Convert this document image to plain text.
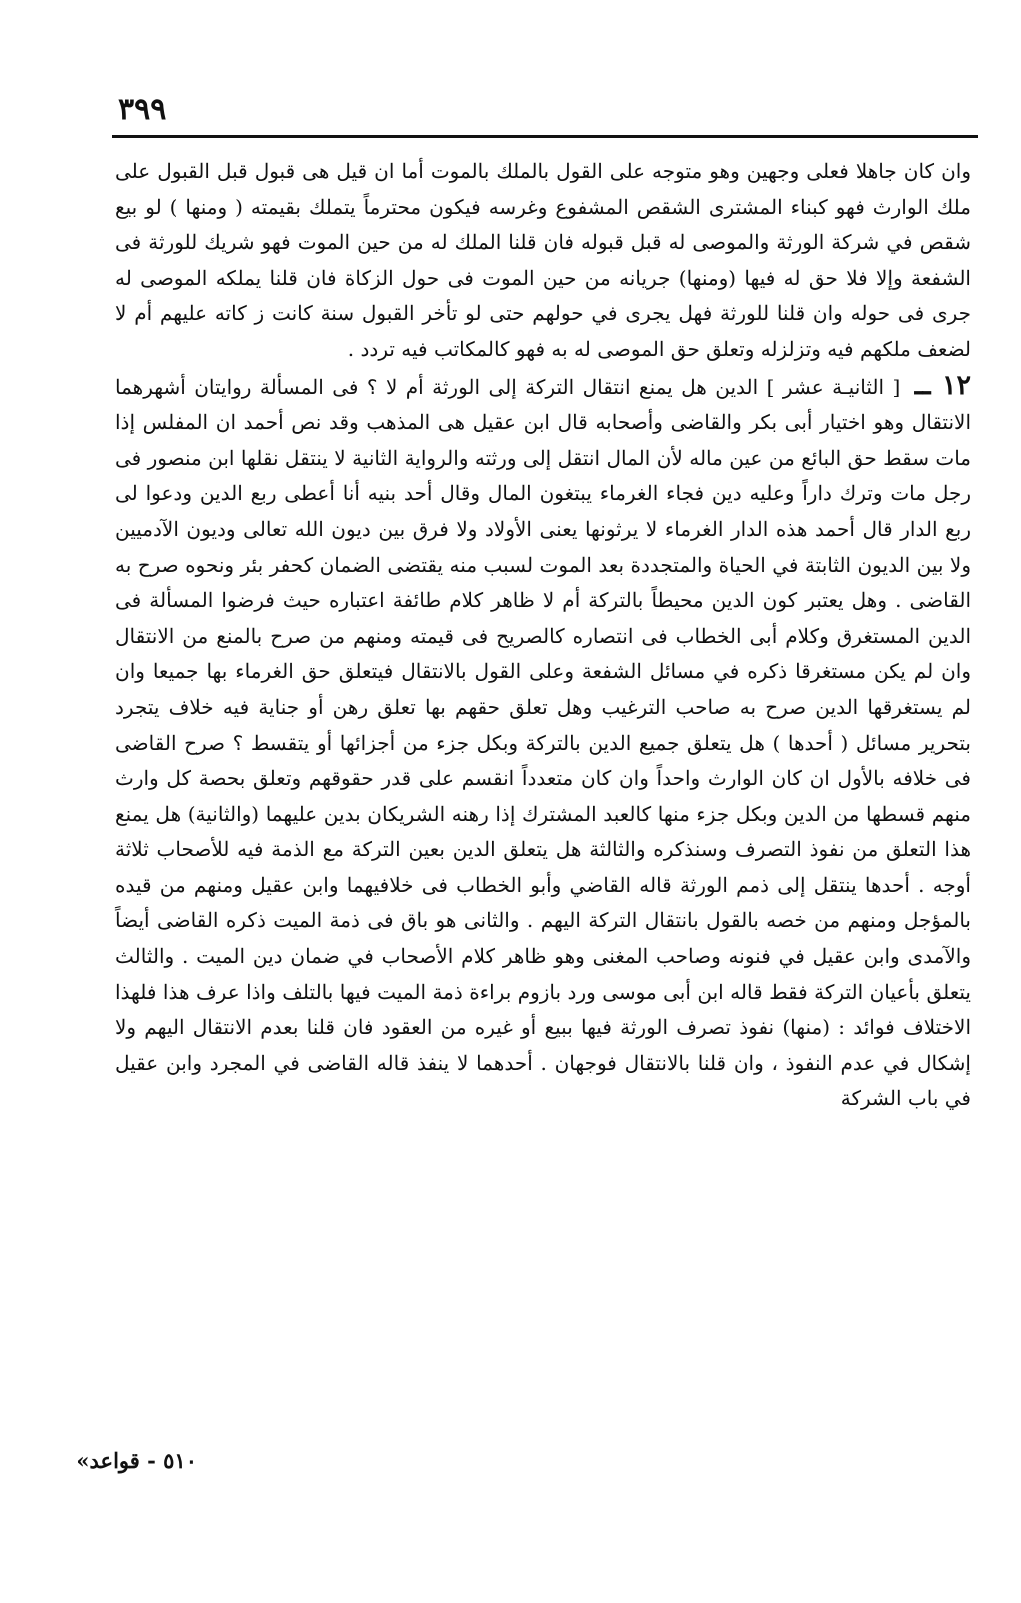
٣٩٩

وان كان جاهلا فعلى وجهين وهو متوجه على القول بالملك بالموت أما ان قيل هى قبول قبل القبول على ملك الوارث فهو كبناء المشترى الشقص المشفوع وغرسه فيكون محترماً يتملك بقيمته ( ومنها ) لو بيع شقص في شركة الورثة والموصى له قبل قبوله فان قلنا الملك له من حين الموت فهو شريك للورثة فى الشفعة وإلا فلا حق له فيها (ومنها) جريانه من حين الموت فى حول الزكاة فان قلنا يملكه الموصى له جرى فى حوله وان قلنا للورثة فهل يجرى في حولهم حتى لو تأخر القبول سنة كانت ز كاته عليهم أم لا لضعف ملكهم فيه وتزلزله وتعلق حق الموصى له به فهو كالمكاتب فيه تردد .

١٢ ــ [ الثانيـة عشر ] الدين هل يمنع انتقال التركة إلى الورثة أم لا ؟ فى المسألة روايتان أشهرهما الانتقال وهو اختيار أبى بكر والقاضى وأصحابه قال ابن عقيل هى المذهب وقد نص أحمد ان المفلس إذا مات سقط حق البائع من عين ماله لأن المال انتقل إلى ورثته والرواية الثانية لا ينتقل نقلها ابن منصور فى رجل مات وترك داراً وعليه دين فجاء الغرماء يبتغون المال وقال أحد بنيه أنا أعطى ربع الدين ودعوا لى ربع الدار قال أحمد هذه الدار الغرماء لا يرثونها يعنى الأولاد ولا فرق بين ديون الله تعالى وديون الآدميين ولا بين الديون الثابتة في الحياة والمتجددة بعد الموت لسبب منه يقتضى الضمان كحفر بئر ونحوه صرح به القاضى . وهل يعتبر كون الدين محيطاً بالتركة أم لا ظاهر كلام طائفة اعتباره حيث فرضوا المسألة فى الدين المستغرق وكلام أبى الخطاب فى انتصاره كالصريح فى قيمته ومنهم من صرح بالمنع من الانتقال وان لم يكن مستغرقا ذكره في مسائل الشفعة وعلى القول بالانتقال فيتعلق حق الغرماء بها جميعا وان لم يستغرقها الدين صرح به صاحب الترغيب وهل تعلق حقهم بها تعلق رهن أو جناية فيه خلاف يتجرد بتحرير مسائل ( أحدها ) هل يتعلق جميع الدين بالتركة وبكل جزء من أجزائها أو يتقسط ؟ صرح القاضى فى خلافه بالأول ان كان الوارث واحداً وان كان متعدداً انقسم على قدر حقوقهم وتعلق بحصة كل وارث منهم قسطها من الدين وبكل جزء منها كالعبد المشترك إذا رهنه الشريكان بدين عليهما (والثانية) هل يمنع هذا التعلق من نفوذ التصرف وسنذكره والثالثة هل يتعلق الدين بعين التركة مع الذمة فيه للأصحاب ثلاثة أوجه . أحدها ينتقل إلى ذمم الورثة قاله القاضي وأبو الخطاب فى خلافيهما وابن عقيل ومنهم من قيده بالمؤجل ومنهم من خصه بالقول بانتقال التركة اليهم . والثانى هو باق فى ذمة الميت ذكره القاضى أيضاً والآمدى وابن عقيل في فنونه وصاحب المغنى وهو ظاهر كلام الأصحاب في ضمان دين الميت . والثالث يتعلق بأعيان التركة فقط قاله ابن أبى موسى ورد بازوم براءة ذمة الميت فيها بالتلف واذا عرف هذا فلهذا الاختلاف فوائد : (منها) نفوذ تصرف الورثة فيها ببيع أو غيره من العقود فان قلنا بعدم الانتقال اليهم ولا إشكال في عدم النفوذ ، وان قلنا بالانتقال فوجهان . أحدهما لا ينفذ قاله القاضى في المجرد وابن عقيل في باب الشركة

٥١٠ - قواعد»
